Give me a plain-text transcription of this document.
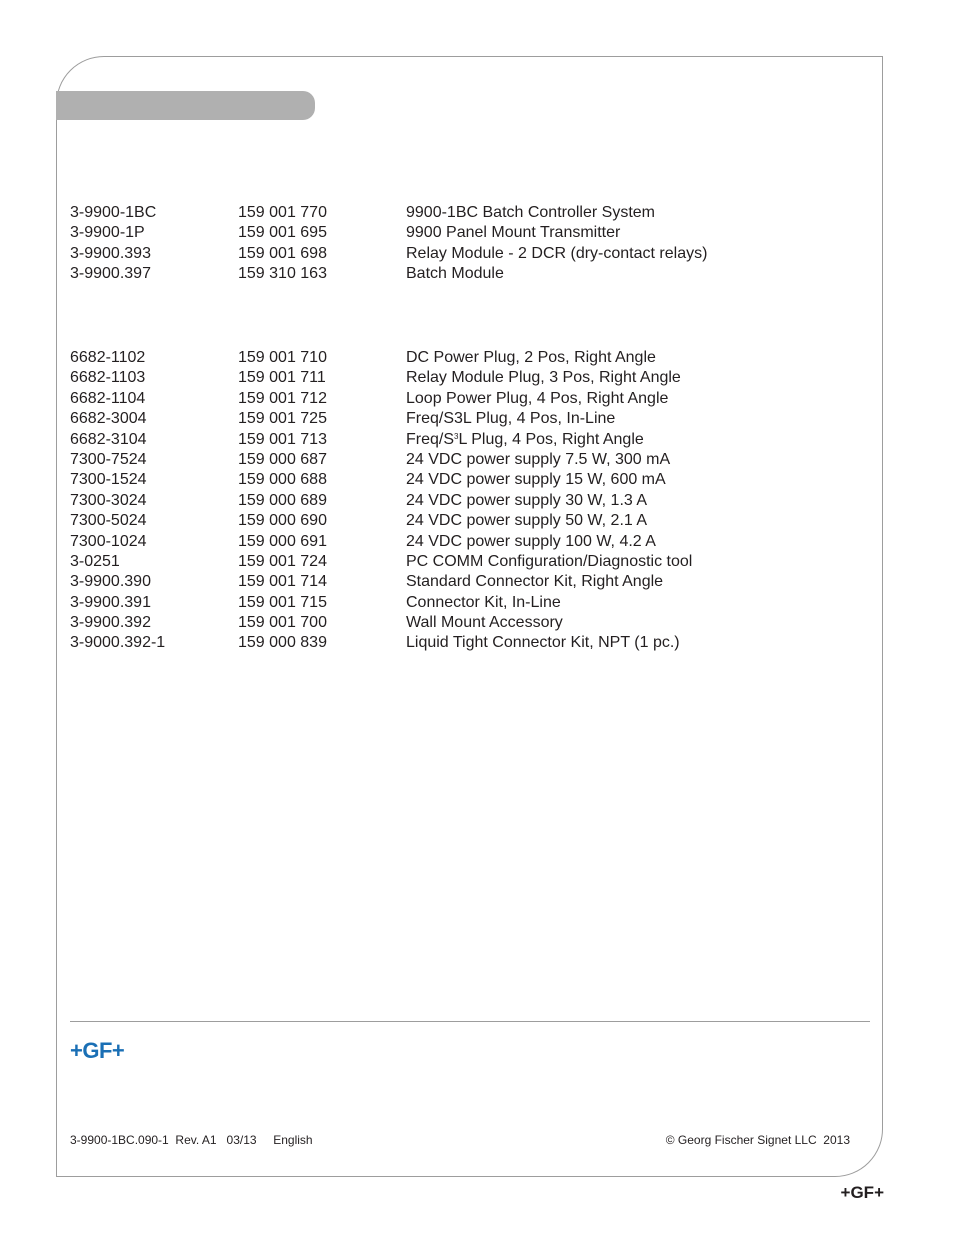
3-9900-1BC	159 001 770	9900-1BC Batch Controller System
3-9900-1P	159 001 695	9900 Panel Mount Transmitter
3-9900.393	159 001 698	Relay Module - 2 DCR (dry-contact relays)
3-9900.397	159 310 163	Batch Module
6682-1102	159 001 710	DC Power Plug, 2 Pos, Right Angle
6682-1103	159 001 711	Relay Module Plug, 3 Pos, Right Angle
6682-1104	159 001 712	Loop Power Plug, 4 Pos, Right Angle
6682-3004	159 001 725	Freq/S3L Plug, 4 Pos, In-Line
6682-3104	159 001 713	Freq/$S^3L$ Plug, 4 Pos, Right Angle
7300-7524	159 000 687	24 VDC power supply 7.5 W, 300 mA
7300-1524	159 000 688	24 VDC power supply 15 W, 600 mA
7300-3024	159 000 689	24 VDC power supply 30 W, 1.3 A
7300-5024	159 000 690	24 VDC power supply 50 W, 2.1 A
7300-1024	159 000 691	24 VDC power supply 100 W, 4.2 A
3-0251	159 001 724	PC COMM Configuration/Diagnostic tool
3-9900.390	159 001 714	Standard Connector Kit, Right Angle
3-9900.391	159 001 715	Connector Kit, In-Line
3-9900.392	159 001 700	Wall Mount Accessory
3-9000.392-1	159 000 839	Liquid Tight Connector Kit, NPT (1 pc.)
+GF+
3-9900-1BC.090-1  Rev. A1   03/13     English	© Georg Fischer Signet LLC  2013
+GF+
